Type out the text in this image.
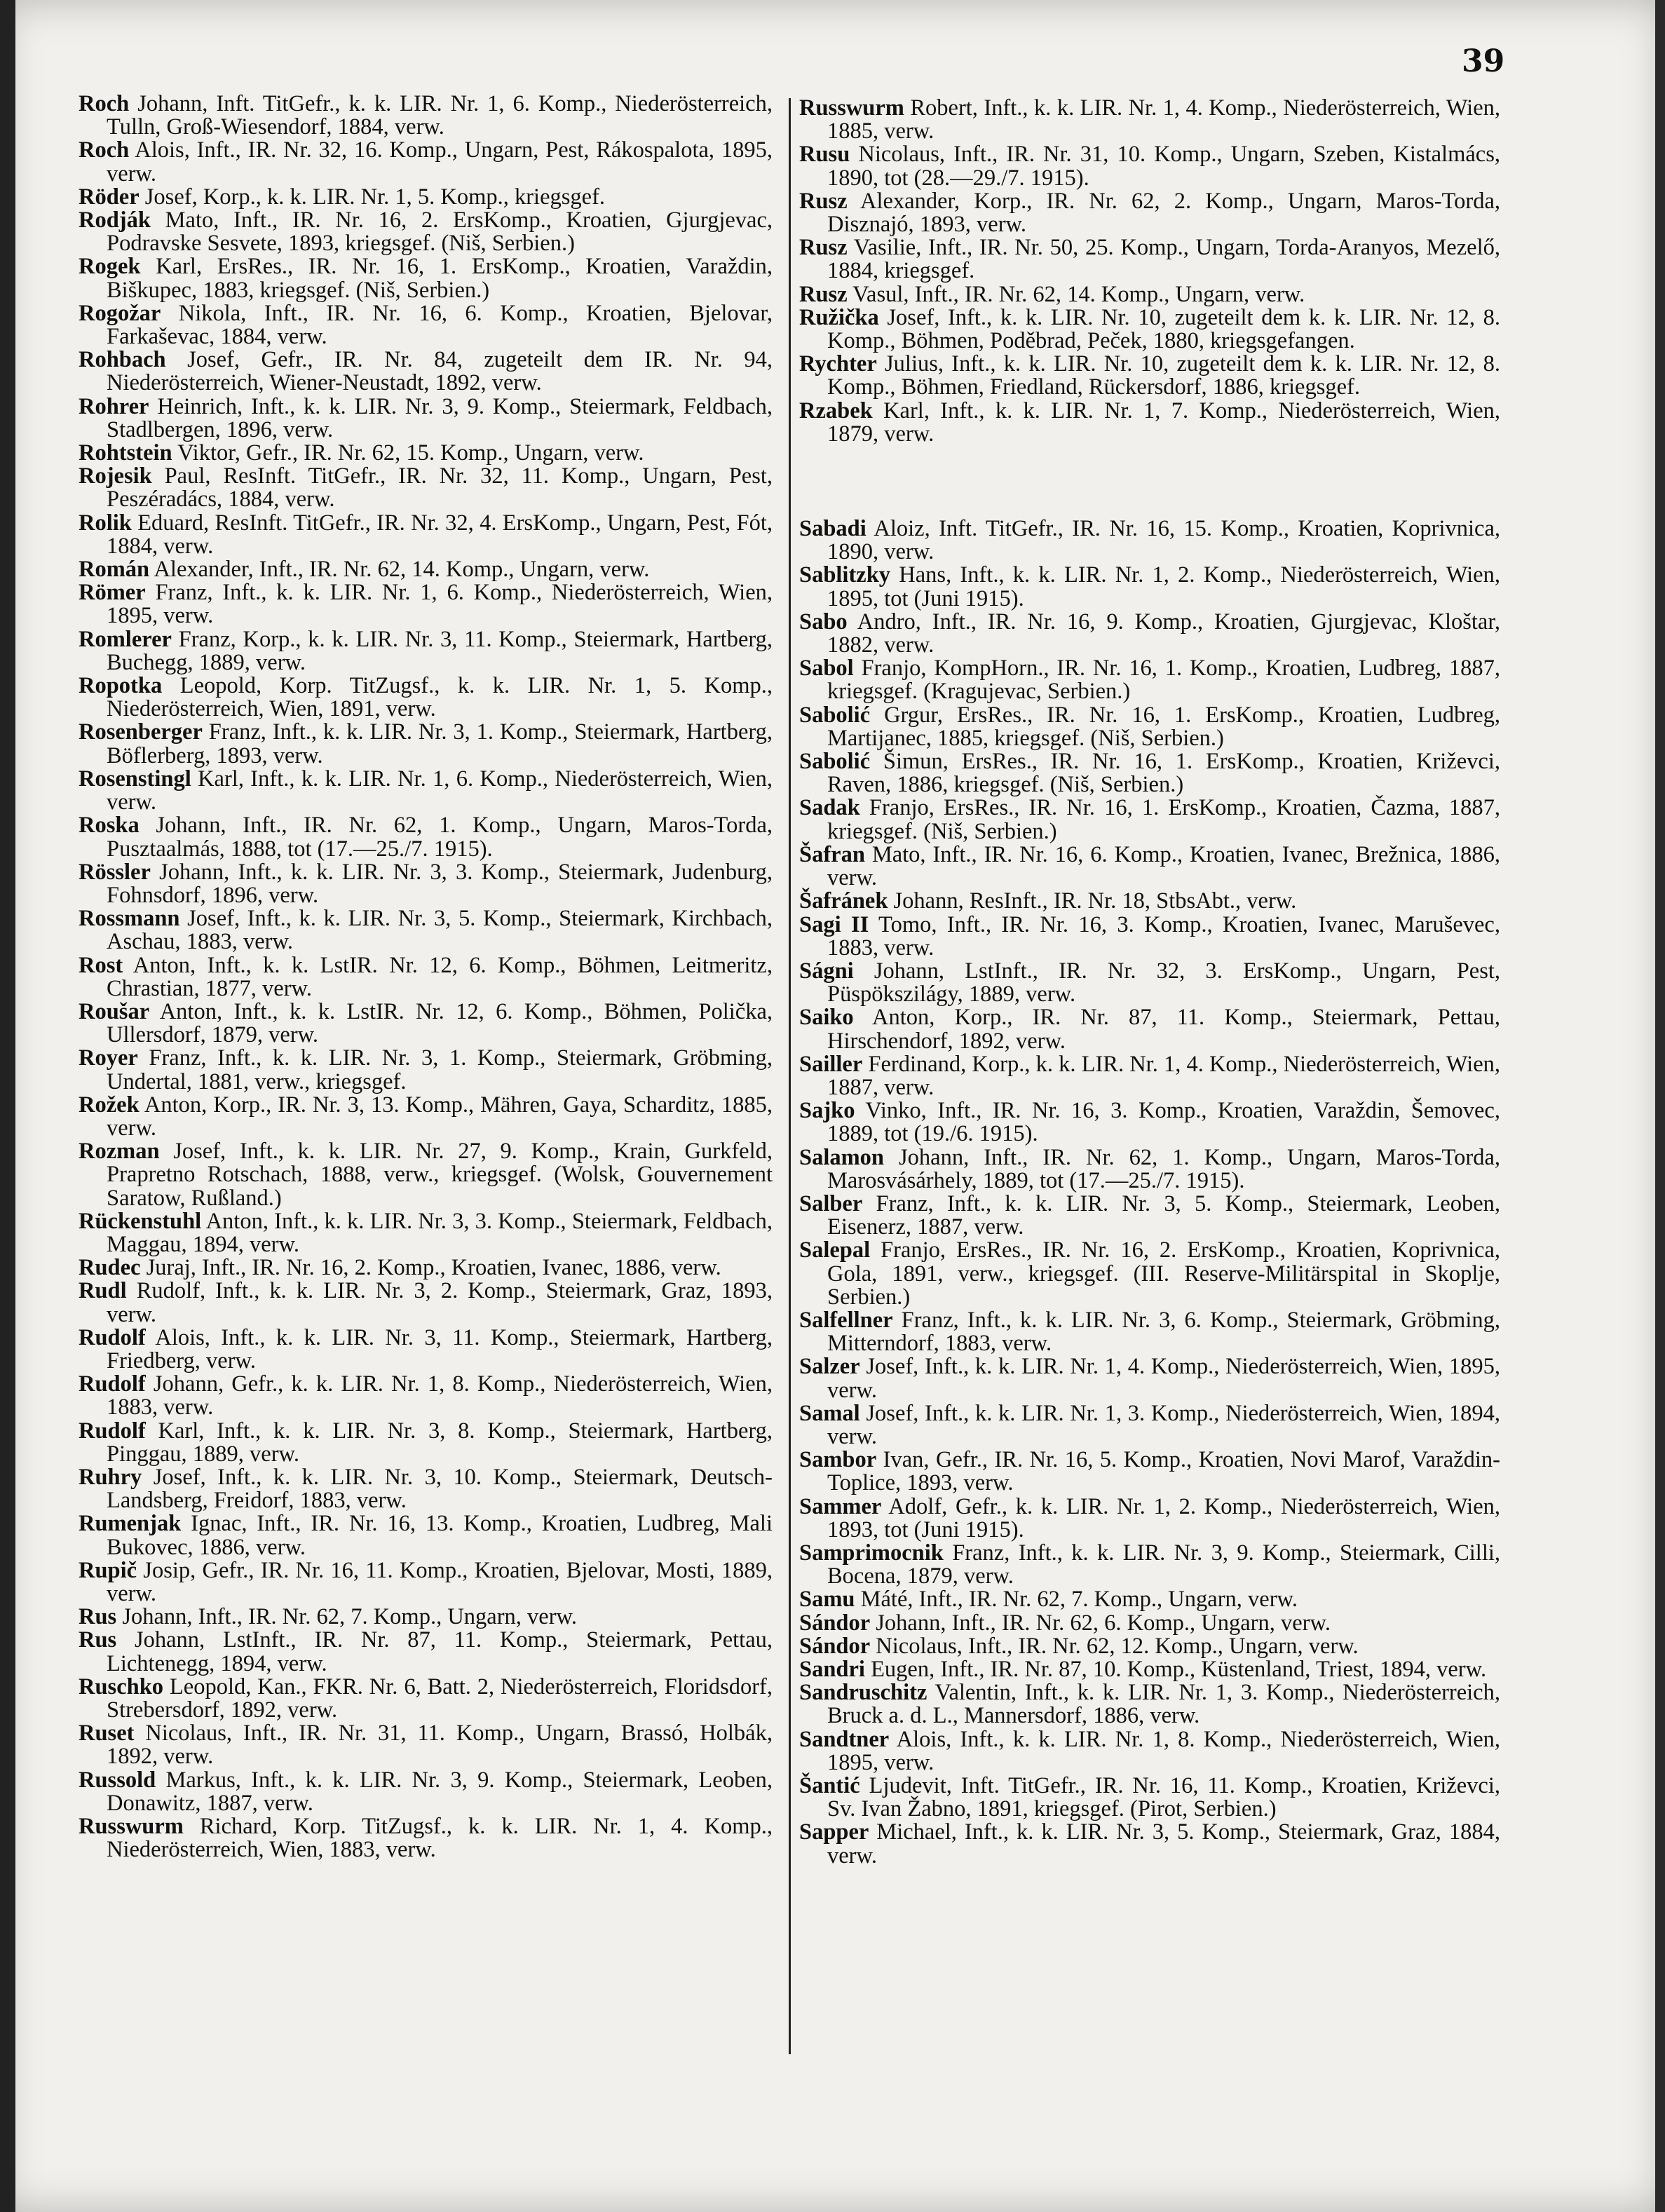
39

Roch Johann, Inft. TitGefr., k. k. LIR. Nr. 1, 6. Komp., Niederösterreich, Tulln, Groß-Wiesendorf, 1884, verw.

Roch Alois, Inft., IR. Nr. 32, 16. Komp., Ungarn, Pest, Rákospalota, 1895, verw.

Röder Josef, Korp., k. k. LIR. Nr. 1, 5. Komp., kriegsgef.

Rodják Mato, Inft., IR. Nr. 16, 2. ErsKomp., Kroatien, Gjurgjevac, Podravske Sesvete, 1893, kriegsgef. (Niš, Serbien.)

Rogek Karl, ErsRes., IR. Nr. 16, 1. ErsKomp., Kroatien, Varaždin, Biškupec, 1883, kriegsgef. (Niš, Serbien.)

Rogožar Nikola, Inft., IR. Nr. 16, 6. Komp., Kroatien, Bjelovar, Farkaševac, 1884, verw.

Rohbach Josef, Gefr., IR. Nr. 84, zugeteilt dem IR. Nr. 94, Niederösterreich, Wiener-Neustadt, 1892, verw.

Rohrer Heinrich, Inft., k. k. LIR. Nr. 3, 9. Komp., Steiermark, Feldbach, Stadlbergen, 1896, verw.

Rohtstein Viktor, Gefr., IR. Nr. 62, 15. Komp., Ungarn, verw.

Rojesik Paul, ResInft. TitGefr., IR. Nr. 32, 11. Komp., Ungarn, Pest, Peszéradács, 1884, verw.

Rolik Eduard, ResInft. TitGefr., IR. Nr. 32, 4. ErsKomp., Ungarn, Pest, Fót, 1884, verw.

Román Alexander, Inft., IR. Nr. 62, 14. Komp., Ungarn, verw.

Römer Franz, Inft., k. k. LIR. Nr. 1, 6. Komp., Niederösterreich, Wien, 1895, verw.

Romlerer Franz, Korp., k. k. LIR. Nr. 3, 11. Komp., Steiermark, Hartberg, Buchegg, 1889, verw.

Ropotka Leopold, Korp. TitZugsf., k. k. LIR. Nr. 1, 5. Komp., Niederösterreich, Wien, 1891, verw.

Rosenberger Franz, Inft., k. k. LIR. Nr. 3, 1. Komp., Steiermark, Hartberg, Böflerberg, 1893, verw.

Rosenstingl Karl, Inft., k. k. LIR. Nr. 1, 6. Komp., Niederösterreich, Wien, verw.

Roska Johann, Inft., IR. Nr. 62, 1. Komp., Ungarn, Maros-Torda, Pusztaalmás, 1888, tot (17.—25./7. 1915).

Rössler Johann, Inft., k. k. LIR. Nr. 3, 3. Komp., Steiermark, Judenburg, Fohnsdorf, 1896, verw.

Rossmann Josef, Inft., k. k. LIR. Nr. 3, 5. Komp., Steiermark, Kirchbach, Aschau, 1883, verw.

Rost Anton, Inft., k. k. LstIR. Nr. 12, 6. Komp., Böhmen, Leitmeritz, Chrastian, 1877, verw.

Roušar Anton, Inft., k. k. LstIR. Nr. 12, 6. Komp., Böhmen, Polička, Ullersdorf, 1879, verw.

Royer Franz, Inft., k. k. LIR. Nr. 3, 1. Komp., Steiermark, Gröbming, Undertal, 1881, verw., kriegsgef.

Rožek Anton, Korp., IR. Nr. 3, 13. Komp., Mähren, Gaya, Scharditz, 1885, verw.

Rozman Josef, Inft., k. k. LIR. Nr. 27, 9. Komp., Krain, Gurkfeld, Prapretno Rotschach, 1888, verw., kriegsgef. (Wolsk, Gouvernement Saratow, Rußland.)

Rückenstuhl Anton, Inft., k. k. LIR. Nr. 3, 3. Komp., Steiermark, Feldbach, Maggau, 1894, verw.

Rudec Juraj, Inft., IR. Nr. 16, 2. Komp., Kroatien, Ivanec, 1886, verw.

Rudl Rudolf, Inft., k. k. LIR. Nr. 3, 2. Komp., Steiermark, Graz, 1893, verw.

Rudolf Alois, Inft., k. k. LIR. Nr. 3, 11. Komp., Steiermark, Hartberg, Friedberg, verw.

Rudolf Johann, Gefr., k. k. LIR. Nr. 1, 8. Komp., Niederösterreich, Wien, 1883, verw.

Rudolf Karl, Inft., k. k. LIR. Nr. 3, 8. Komp., Steiermark, Hartberg, Pinggau, 1889, verw.

Ruhry Josef, Inft., k. k. LIR. Nr. 3, 10. Komp., Steiermark, Deutsch-Landsberg, Freidorf, 1883, verw.

Rumenjak Ignac, Inft., IR. Nr. 16, 13. Komp., Kroatien, Ludbreg, Mali Bukovec, 1886, verw.

Rupič Josip, Gefr., IR. Nr. 16, 11. Komp., Kroatien, Bjelovar, Mosti, 1889, verw.

Rus Johann, Inft., IR. Nr. 62, 7. Komp., Ungarn, verw.

Rus Johann, LstInft., IR. Nr. 87, 11. Komp., Steiermark, Pettau, Lichtenegg, 1894, verw.

Ruschko Leopold, Kan., FKR. Nr. 6, Batt. 2, Niederösterreich, Floridsdorf, Strebersdorf, 1892, verw.

Ruset Nicolaus, Inft., IR. Nr. 31, 11. Komp., Ungarn, Brassó, Holbák, 1892, verw.

Russold Markus, Inft., k. k. LIR. Nr. 3, 9. Komp., Steiermark, Leoben, Donawitz, 1887, verw.

Russwurm Richard, Korp. TitZugsf., k. k. LIR. Nr. 1, 4. Komp., Niederösterreich, Wien, 1883, verw.

Russwurm Robert, Inft., k. k. LIR. Nr. 1, 4. Komp., Niederösterreich, Wien, 1885, verw.

Rusu Nicolaus, Inft., IR. Nr. 31, 10. Komp., Ungarn, Szeben, Kistalmács, 1890, tot (28.—29./7. 1915).

Rusz Alexander, Korp., IR. Nr. 62, 2. Komp., Ungarn, Maros-Torda, Disznajó, 1893, verw.

Rusz Vasilie, Inft., IR. Nr. 50, 25. Komp., Ungarn, Torda-Aranyos, Mezelő, 1884, kriegsgef.

Rusz Vasul, Inft., IR. Nr. 62, 14. Komp., Ungarn, verw.

Ružička Josef, Inft., k. k. LIR. Nr. 10, zugeteilt dem k. k. LIR. Nr. 12, 8. Komp., Böhmen, Poděbrad, Peček, 1880, kriegsgefangen.

Rychter Julius, Inft., k. k. LIR. Nr. 10, zugeteilt dem k. k. LIR. Nr. 12, 8. Komp., Böhmen, Friedland, Rückersdorf, 1886, kriegsgef.

Rzabek Karl, Inft., k. k. LIR. Nr. 1, 7. Komp., Niederösterreich, Wien, 1879, verw.

Sabadi Aloiz, Inft. TitGefr., IR. Nr. 16, 15. Komp., Kroatien, Koprivnica, 1890, verw.

Sablitzky Hans, Inft., k. k. LIR. Nr. 1, 2. Komp., Niederösterreich, Wien, 1895, tot (Juni 1915).

Sabo Andro, Inft., IR. Nr. 16, 9. Komp., Kroatien, Gjurgjevac, Kloštar, 1882, verw.

Sabol Franjo, KompHorn., IR. Nr. 16, 1. Komp., Kroatien, Ludbreg, 1887, kriegsgef. (Kragujevac, Serbien.)

Sabolić Grgur, ErsRes., IR. Nr. 16, 1. ErsKomp., Kroatien, Ludbreg, Martijanec, 1885, kriegsgef. (Niš, Serbien.)

Sabolić Šimun, ErsRes., IR. Nr. 16, 1. ErsKomp., Kroatien, Križevci, Raven, 1886, kriegsgef. (Niš, Serbien.)

Sadak Franjo, ErsRes., IR. Nr. 16, 1. ErsKomp., Kroatien, Čazma, 1887, kriegsgef. (Niš, Serbien.)

Šafran Mato, Inft., IR. Nr. 16, 6. Komp., Kroatien, Ivanec, Brežnica, 1886, verw.

Šafránek Johann, ResInft., IR. Nr. 18, StbsAbt., verw.

Sagi II Tomo, Inft., IR. Nr. 16, 3. Komp., Kroatien, Ivanec, Maruševec, 1883, verw.

Ságni Johann, LstInft., IR. Nr. 32, 3. ErsKomp., Ungarn, Pest, Püspökszilágy, 1889, verw.

Saiko Anton, Korp., IR. Nr. 87, 11. Komp., Steiermark, Pettau, Hirschendorf, 1892, verw.

Sailler Ferdinand, Korp., k. k. LIR. Nr. 1, 4. Komp., Niederösterreich, Wien, 1887, verw.

Sajko Vinko, Inft., IR. Nr. 16, 3. Komp., Kroatien, Varaždin, Šemovec, 1889, tot (19./6. 1915).

Salamon Johann, Inft., IR. Nr. 62, 1. Komp., Ungarn, Maros-Torda, Marosvásárhely, 1889, tot (17.—25./7. 1915).

Salber Franz, Inft., k. k. LIR. Nr. 3, 5. Komp., Steiermark, Leoben, Eisenerz, 1887, verw.

Salepal Franjo, ErsRes., IR. Nr. 16, 2. ErsKomp., Kroatien, Koprivnica, Gola, 1891, verw., kriegsgef. (III. Reserve-Militärspital in Skoplje, Serbien.)

Salfellner Franz, Inft., k. k. LIR. Nr. 3, 6. Komp., Steiermark, Gröbming, Mitterndorf, 1883, verw.

Salzer Josef, Inft., k. k. LIR. Nr. 1, 4. Komp., Niederösterreich, Wien, 1895, verw.

Samal Josef, Inft., k. k. LIR. Nr. 1, 3. Komp., Niederösterreich, Wien, 1894, verw.

Sambor Ivan, Gefr., IR. Nr. 16, 5. Komp., Kroatien, Novi Marof, Varaždin-Toplice, 1893, verw.

Sammer Adolf, Gefr., k. k. LIR. Nr. 1, 2. Komp., Niederösterreich, Wien, 1893, tot (Juni 1915).

Samprimocnik Franz, Inft., k. k. LIR. Nr. 3, 9. Komp., Steiermark, Cilli, Bocena, 1879, verw.

Samu Máté, Inft., IR. Nr. 62, 7. Komp., Ungarn, verw.

Sándor Johann, Inft., IR. Nr. 62, 6. Komp., Ungarn, verw.

Sándor Nicolaus, Inft., IR. Nr. 62, 12. Komp., Ungarn, verw.

Sandri Eugen, Inft., IR. Nr. 87, 10. Komp., Küstenland, Triest, 1894, verw.

Sandruschitz Valentin, Inft., k. k. LIR. Nr. 1, 3. Komp., Niederösterreich, Bruck a. d. L., Mannersdorf, 1886, verw.

Sandtner Alois, Inft., k. k. LIR. Nr. 1, 8. Komp., Niederösterreich, Wien, 1895, verw.

Šantić Ljudevit, Inft. TitGefr., IR. Nr. 16, 11. Komp., Kroatien, Križevci, Sv. Ivan Žabno, 1891, kriegsgef. (Pirot, Serbien.)

Sapper Michael, Inft., k. k. LIR. Nr. 3, 5. Komp., Steiermark, Graz, 1884, verw.
